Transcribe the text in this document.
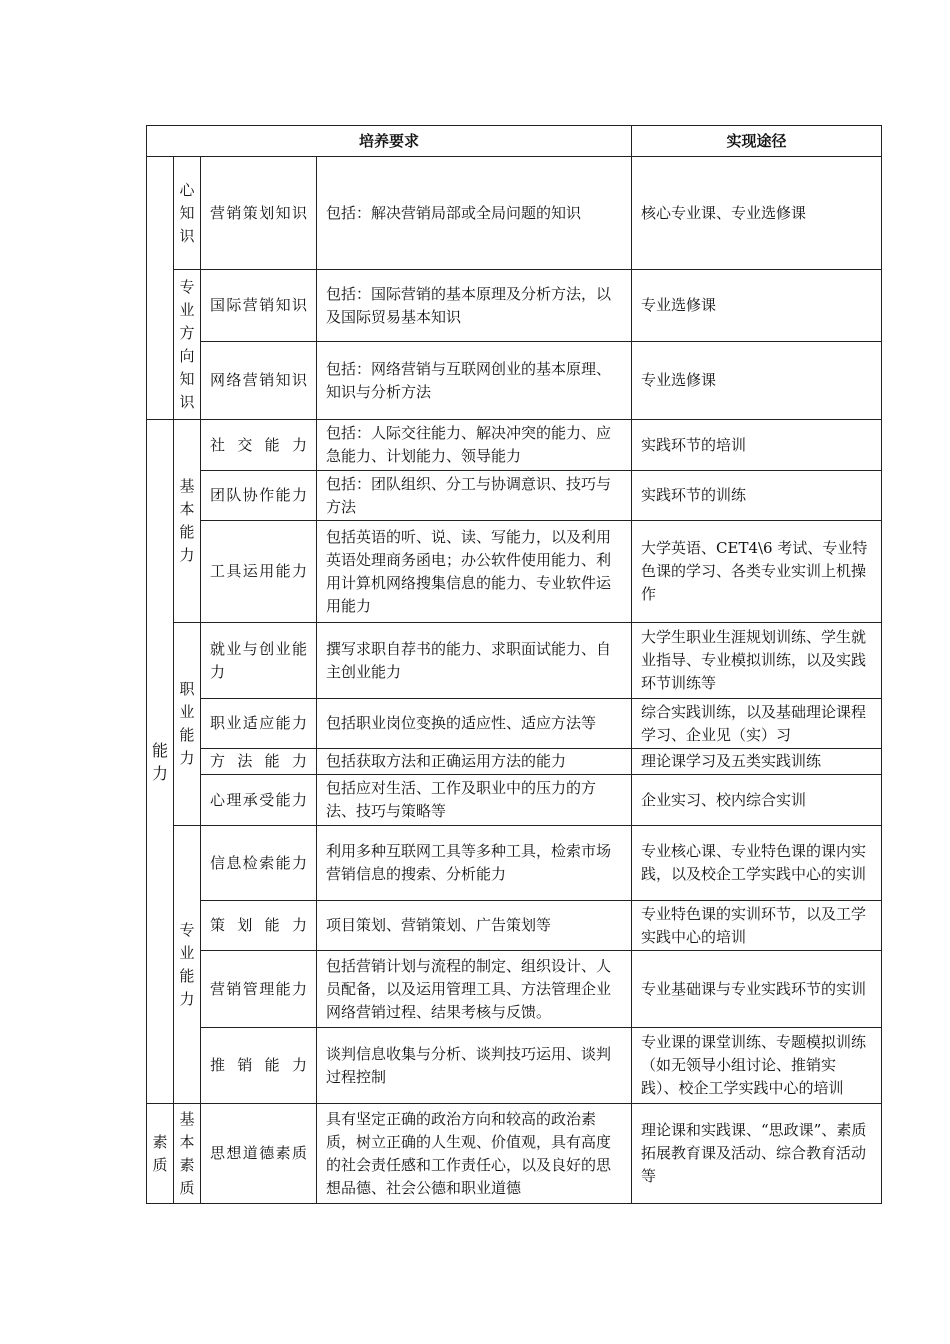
培养要求				实现途径
	心知识	营销策划知识	包括：解决营销局部或全局问题的知识	核心专业课、专业选修课
	专业方向知识	国际营销知识	包括：国际营销的基本原理及分析方法，以及国际贸易基本知识	专业选修课
		网络营销知识	包括：网络营销与互联网创业的基本原理、知识与分析方法	专业选修课
能力	基本能力	社交能力	包括：人际交往能力、解决冲突的能力、应急能力、计划能力、领导能力	实践环节的培训
		团队协作能力	包括：团队组织、分工与协调意识、技巧与方法	实践环节的训练
		工具运用能力	包括英语的听、说、读、写能力，以及利用英语处理商务函电；办公软件使用能力、利用计算机网络搜集信息的能力、专业软件运用能力	大学英语、CET4\6 考试、专业特色课的学习、各类专业实训上机操作
	职业能力	就业与创业能力	撰写求职自荐书的能力、求职面试能力、自主创业能力	大学生职业生涯规划训练、学生就业指导、专业模拟训练，以及实践环节训练等
		职业适应能力	包括职业岗位变换的适应性、适应方法等	综合实践训练，以及基础理论课程学习、企业见（实）习
		方法能力	包括获取方法和正确运用方法的能力	理论课学习及五类实践训练
		心理承受能力	包括应对生活、工作及职业中的压力的方法、技巧与策略等	企业实习、校内综合实训
	专业能力	信息检索能力	利用多种互联网工具等多种工具，检索市场营销信息的搜索、分析能力	专业核心课、专业特色课的课内实践，以及校企工学实践中心的实训
		策划能力	项目策划、营销策划、广告策划等	专业特色课的实训环节，以及工学实践中心的培训
		营销管理能力	包括营销计划与流程的制定、组织设计、人员配备，以及运用管理工具、方法管理企业网络营销过程、结果考核与反馈。	专业基础课与专业实践环节的实训
		推销能力	谈判信息收集与分析、谈判技巧运用、谈判过程控制	专业课的课堂训练、专题模拟训练（如无领导小组讨论、推销实践）、校企工学实践中心的培训
素质	基本素质	思想道德素质	具有坚定正确的政治方向和较高的政治素质，树立正确的人生观、价值观，具有高度的社会责任感和工作责任心，以及良好的思想品德、社会公德和职业道德	理论课和实践课、“思政课”、素质拓展教育课及活动、综合教育活动等
